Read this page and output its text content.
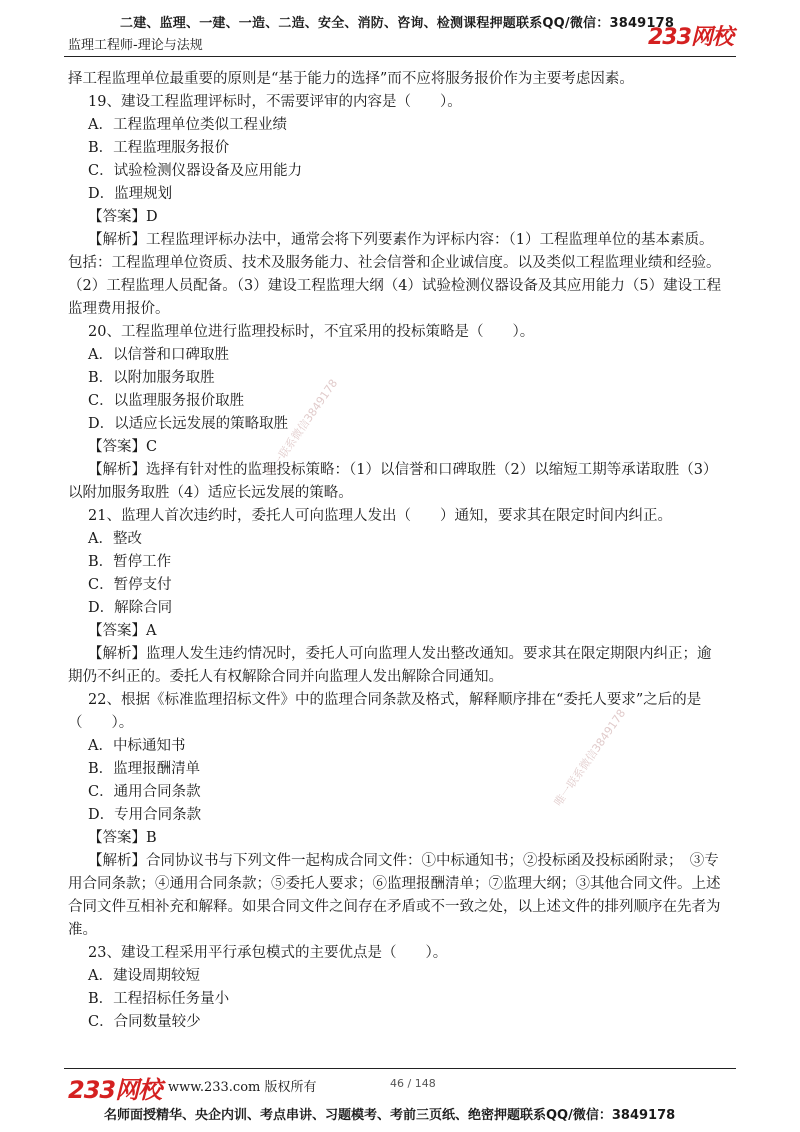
二建、监理、一建、一造、二造、安全、消防、咨询、检测课程押题联系QQ/微信：3849178
监理工程师-理论与法规	233网校
择工程监理单位最重要的原则是“基于能力的选择”而不应将服务报价作为主要考虑因素。
19、建设工程监理评标时，不需要评审的内容是（　　）。
A．工程监理单位类似工程业绩
B．工程监理服务报价
C．试验检测仪器设备及应用能力
D．监理规划
【答案】D
【解析】工程监理评标办法中，通常会将下列要素作为评标内容：（1）工程监理单位的基本素质。
包括：工程监理单位资质、技术及服务能力、社会信誉和企业诚信度。以及类似工程监理业绩和经验。
（2）工程监理人员配备。（3）建设工程监理大纲（4）试验检测仪器设备及其应用能力（5）建设工程
监理费用报价。
20、工程监理单位进行监理投标时，不宜采用的投标策略是（　　）。
A．以信誉和口碑取胜
B．以附加服务取胜
C．以监理服务报价取胜
D．以适应长远发展的策略取胜
【答案】C
【解析】选择有针对性的监理投标策略：（1）以信誉和口碑取胜（2）以缩短工期等承诺取胜（3）
以附加服务取胜（4）适应长远发展的策略。
21、监理人首次违约时，委托人可向监理人发出（　　）通知，要求其在限定时间内纠正。
A．整改
B．暂停工作
C．暂停支付
D．解除合同
【答案】A
【解析】监理人发生违约情况时，委托人可向监理人发出整改通知。要求其在限定期限内纠正；逾
期仍不纠正的。委托人有权解除合同并向监理人发出解除合同通知。
22、根据《标准监理招标文件》中的监理合同条款及格式，解释顺序排在“委托人要求”之后的是
（　　）。
A．中标通知书
B．监理报酬清单
C．通用合同条款
D．专用合同条款
【答案】B
【解析】合同协议书与下列文件一起构成合同文件：①中标通知书；②投标函及投标函附录；　③专
用合同条款；④通用合同条款；⑤委托人要求；⑥监理报酬清单；⑦监理大纲；③其他合同文件。上述
合同文件互相补充和解释。如果合同文件之间存在矛盾或不一致之处，以上述文件的排列顺序在先者为
准。
23、建设工程采用平行承包模式的主要优点是（　　）。
A．建设周期较短
B．工程招标任务量小
C．合同数量较少
唯一联系微信3849178
唯一联系微信3849178
233网校 www.233.com 版权所有	46 / 148
名师面授精华、央企内训、考点串讲、习题模考、考前三页纸、绝密押题联系QQ/微信：3849178
